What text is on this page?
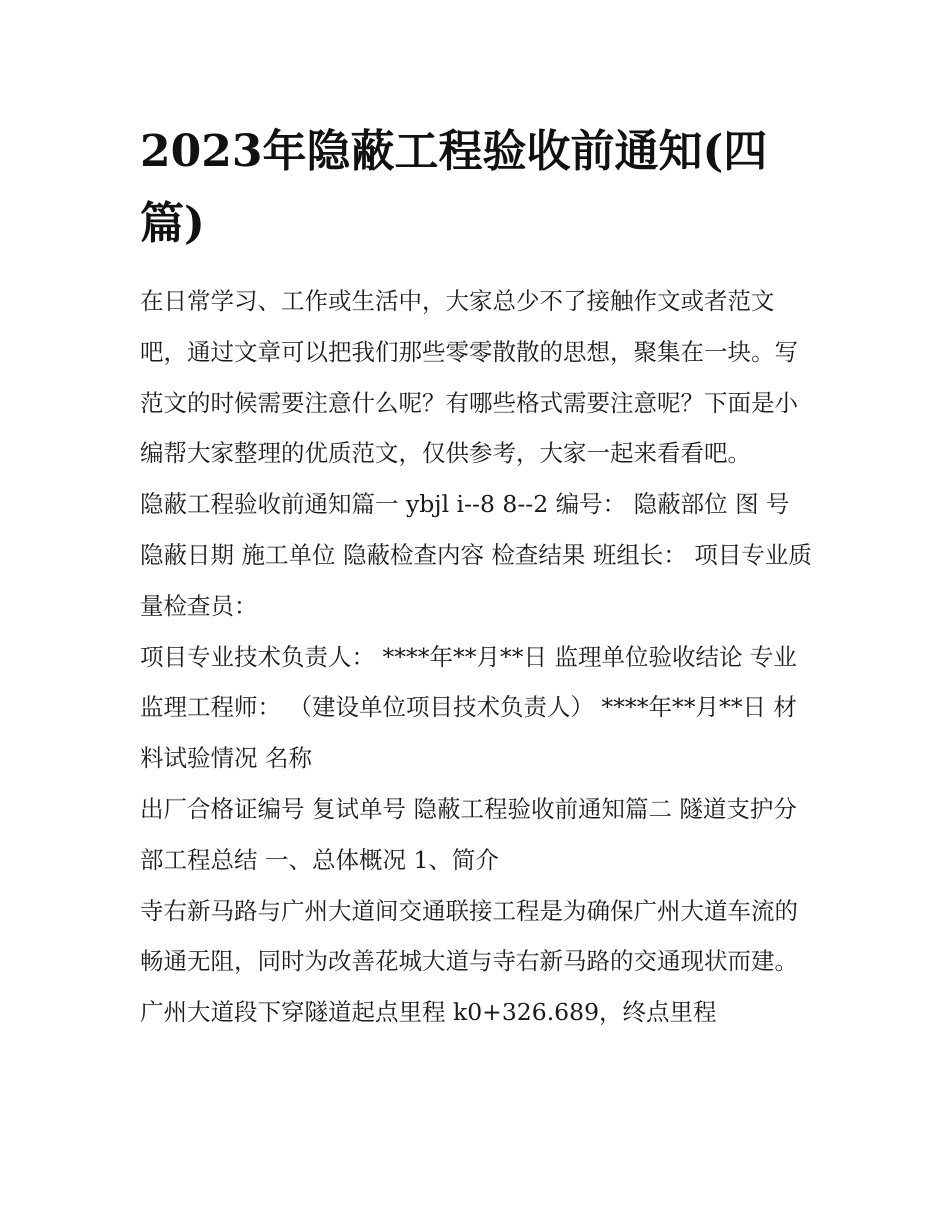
2023年隐蔽工程验收前通知(四篇)

在日常学习、工作或生活中，大家总少不了接触作文或者范文吧，通过文章可以把我们那些零零散散的思想，聚集在一块。写范文的时候需要注意什么呢？有哪些格式需要注意呢？下面是小编帮大家整理的优质范文，仅供参考，大家一起来看看吧。

隐蔽工程验收前通知篇一 ybjl i--8 8--2 编号： 隐蔽部位 图 号 隐蔽日期 施工单位 隐蔽检查内容 检查结果 班组长： 项目专业质量检查员：

项目专业技术负责人： ****年**月**日 监理单位验收结论 专业监理工程师： （建设单位项目技术负责人） ****年**月**日 材料试验情况 名称

出厂合格证编号 复试单号 隐蔽工程验收前通知篇二 隧道支护分部工程总结 一、总体概况 1、简介

寺右新马路与广州大道间交通联接工程是为确保广州大道车流的畅通无阻，同时为改善花城大道与寺右新马路的交通现状而建。广州大道段下穿隧道起点里程 k0+326.689，终点里程
